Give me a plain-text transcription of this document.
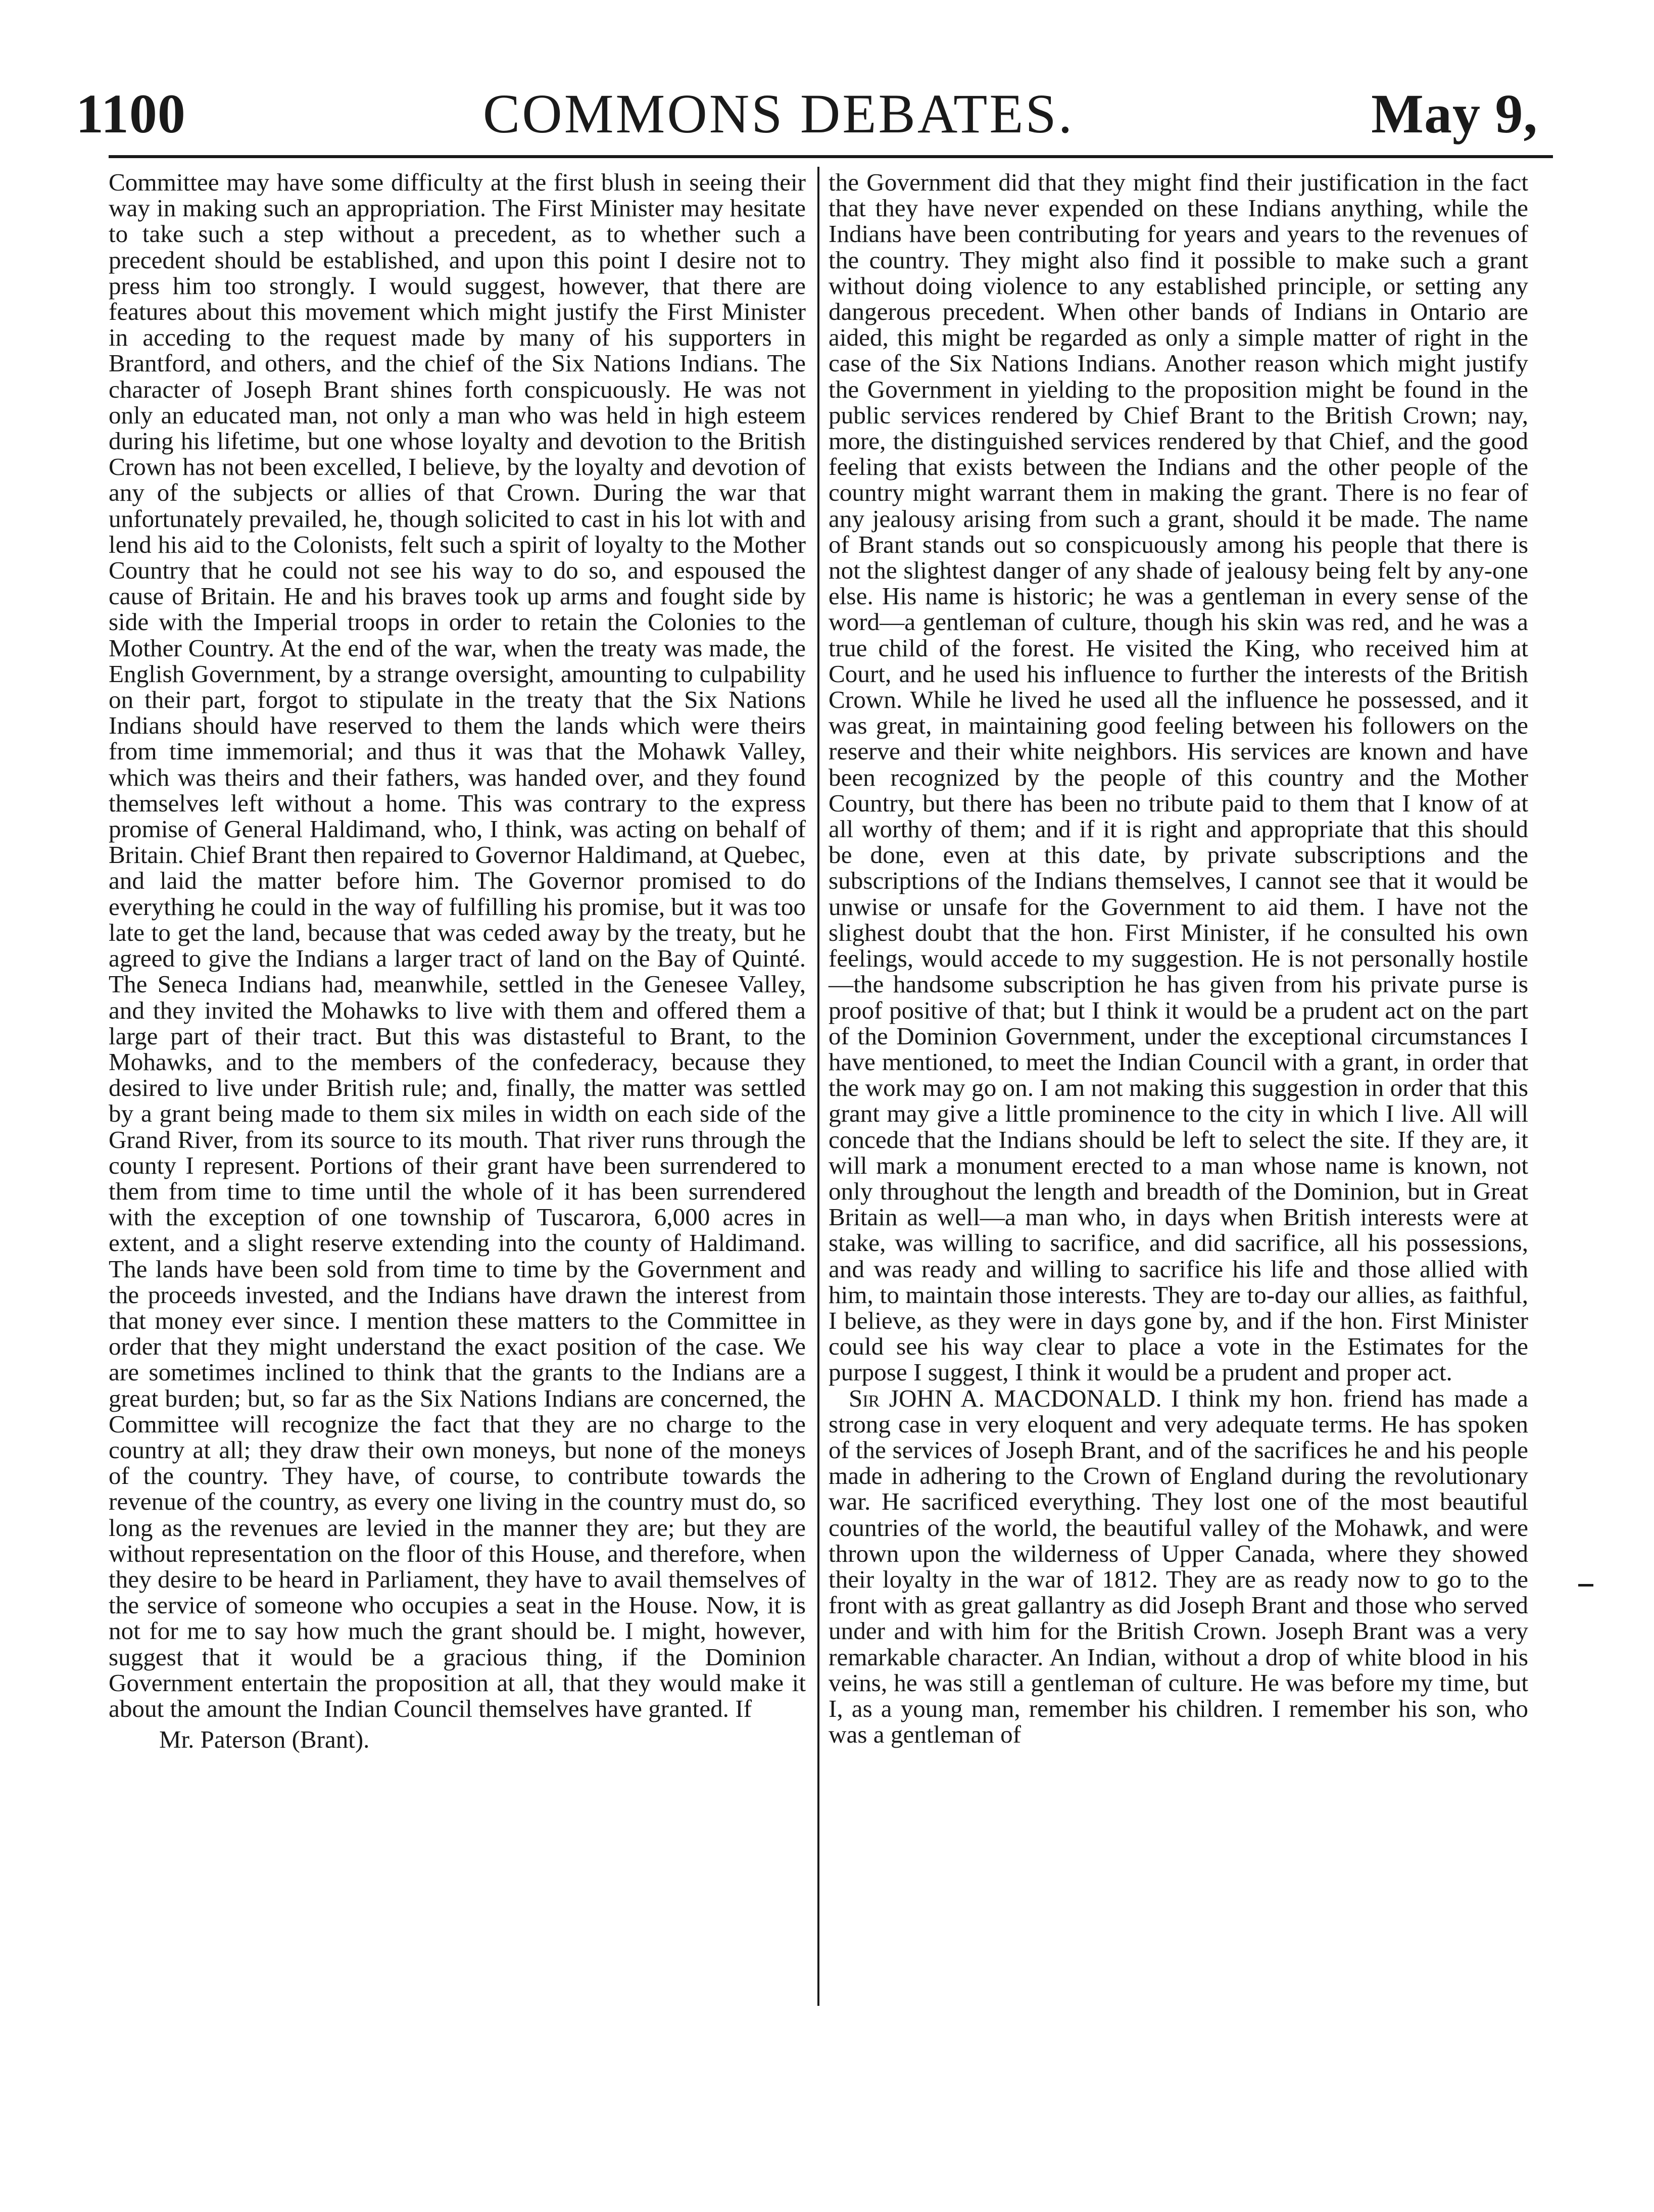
1100	COMMONS DEBATES.	May 9,

Committee may have some difficulty at the first blush in seeing their way in making such an appropriation. The First Minister may hesitate to take such a step without a precedent, as to whether such a precedent should be established, and upon this point I desire not to press him too strongly. I would suggest, however, that there are features about this movement which might justify the First Minister in acceding to the request made by many of his supporters in Brantford, and others, and the chief of the Six Nations Indians. The character of Joseph Brant shines forth conspicuously. He was not only an educated man, not only a man who was held in high esteem during his lifetime, but one whose loyalty and devotion to the British Crown has not been excelled, I believe, by the loyalty and devotion of any of the subjects or allies of that Crown. During the war that unfortunately prevailed, he, though solicited to cast in his lot with and lend his aid to the Colonists, felt such a spirit of loyalty to the Mother Country that he could not see his way to do so, and espoused the cause of Britain. He and his braves took up arms and fought side by side with the Imperial troops in order to retain the Colonies to the Mother Country. At the end of the war, when the treaty was made, the English Government, by a strange oversight, amounting to culpability on their part, forgot to stipulate in the treaty that the Six Nations Indians should have reserved to them the lands which were theirs from time immemorial; and thus it was that the Mohawk Valley, which was theirs and their fathers, was handed over, and they found themselves left without a home. This was contrary to the express promise of General Haldimand, who, I think, was acting on behalf of Britain. Chief Brant then repaired to Governor Haldimand, at Quebec, and laid the matter before him. The Governor promised to do everything he could in the way of fulfilling his promise, but it was too late to get the land, because that was ceded away by the treaty, but he agreed to give the Indians a larger tract of land on the Bay of Quinté. The Seneca Indians had, meanwhile, settled in the Genesee Valley, and they invited the Mohawks to live with them and offered them a large part of their tract. But this was distasteful to Brant, to the Mohawks, and to the members of the confederacy, because they desired to live under British rule; and, finally, the matter was settled by a grant being made to them six miles in width on each side of the Grand River, from its source to its mouth. That river runs through the county I represent. Portions of their grant have been surrendered to them from time to time until the whole of it has been surrendered with the exception of one township of Tuscarora, 6,000 acres in extent, and a slight reserve extending into the county of Haldimand. The lands have been sold from time to time by the Government and the proceeds invested, and the Indians have drawn the interest from that money ever since. I mention these matters to the Committee in order that they might understand the exact position of the case. We are sometimes inclined to think that the grants to the Indians are a great burden; but, so far as the Six Nations Indians are concerned, the Committee will recognize the fact that they are no charge to the country at all; they draw their own moneys, but none of the moneys of the country. They have, of course, to contribute towards the revenue of the country, as every one living in the country must do, so long as the revenues are levied in the manner they are; but they are without representation on the floor of this House, and therefore, when they desire to be heard in Parliament, they have to avail themselves of the service of someone who occupies a seat in the House. Now, it is not for me to say how much the grant should be. I might, however, suggest that it would be a gracious thing, if the Dominion Government entertain the proposition at all, that they would make it about the amount the Indian Council themselves have granted. If

Mr. Paterson (Brant).

the Government did that they might find their justification in the fact that they have never expended on these Indians anything, while the Indians have been contributing for years and years to the revenues of the country. They might also find it possible to make such a grant without doing violence to any established principle, or setting any dangerous precedent. When other bands of Indians in Ontario are aided, this might be regarded as only a simple matter of right in the case of the Six Nations Indians. Another reason which might justify the Government in yielding to the proposition might be found in the public services rendered by Chief Brant to the British Crown; nay, more, the distinguished services rendered by that Chief, and the good feeling that exists between the Indians and the other people of the country might warrant them in making the grant. There is no fear of any jealousy arising from such a grant, should it be made. The name of Brant stands out so conspicuously among his people that there is not the slightest danger of any shade of jealousy being felt by any-one else. His name is historic; he was a gentleman in every sense of the word—a gentleman of culture, though his skin was red, and he was a true child of the forest. He visited the King, who received him at Court, and he used his influence to further the interests of the British Crown. While he lived he used all the influence he possessed, and it was great, in maintaining good feeling between his followers on the reserve and their white neighbors. His services are known and have been recognized by the people of this country and the Mother Country, but there has been no tribute paid to them that I know of at all worthy of them; and if it is right and appropriate that this should be done, even at this date, by private subscriptions and the subscriptions of the Indians themselves, I cannot see that it would be unwise or unsafe for the Government to aid them. I have not the slighest doubt that the hon. First Minister, if he consulted his own feelings, would accede to my suggestion. He is not personally hostile—the handsome subscription he has given from his private purse is proof positive of that; but I think it would be a prudent act on the part of the Dominion Government, under the exceptional circumstances I have mentioned, to meet the Indian Council with a grant, in order that the work may go on. I am not making this suggestion in order that this grant may give a little prominence to the city in which I live. All will concede that the Indians should be left to select the site. If they are, it will mark a monument erected to a man whose name is known, not only throughout the length and breadth of the Dominion, but in Great Britain as well—a man who, in days when British interests were at stake, was willing to sacrifice, and did sacrifice, all his possessions, and was ready and willing to sacrifice his life and those allied with him, to maintain those interests. They are to-day our allies, as faithful, I believe, as they were in days gone by, and if the hon. First Minister could see his way clear to place a vote in the Estimates for the purpose I suggest, I think it would be a prudent and proper act.

Sir JOHN A. MACDONALD. I think my hon. friend has made a strong case in very eloquent and very adequate terms. He has spoken of the services of Joseph Brant, and of the sacrifices he and his people made in adhering to the Crown of England during the revolutionary war. He sacrificed everything. They lost one of the most beautiful countries of the world, the beautiful valley of the Mohawk, and were thrown upon the wilderness of Upper Canada, where they showed their loyalty in the war of 1812. They are as ready now to go to the front with as great gallantry as did Joseph Brant and those who served under and with him for the British Crown. Joseph Brant was a very remarkable character. An Indian, without a drop of white blood in his veins, he was still a gentleman of culture. He was before my time, but I, as a young man, remember his children. I remember his son, who was a gentleman of
